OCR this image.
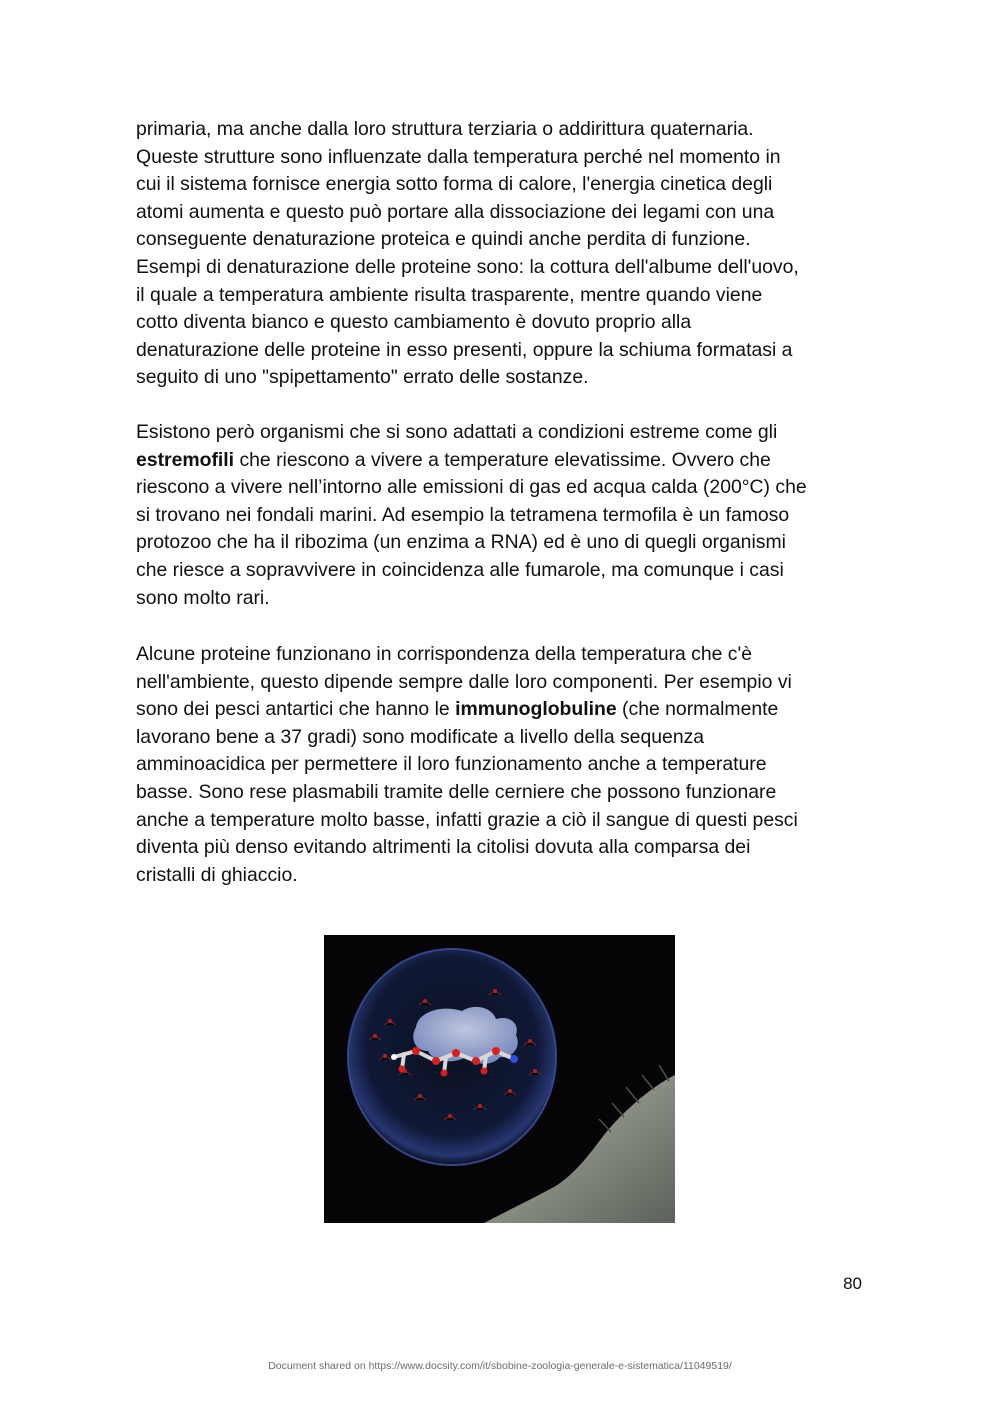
primaria, ma anche dalla loro struttura terziaria o addirittura quaternaria.
Queste strutture sono influenzate dalla temperatura perché nel momento in
cui il sistema fornisce energia sotto forma di calore, l'energia cinetica degli
atomi aumenta e questo può portare alla dissociazione dei legami con una
conseguente denaturazione proteica e quindi anche perdita di funzione.
Esempi di denaturazione delle proteine sono: la cottura dell'albume dell'uovo,
il quale a temperatura ambiente risulta trasparente, mentre quando viene
cotto diventa bianco e questo cambiamento è dovuto proprio alla
denaturazione delle proteine in esso presenti, oppure la schiuma formatasi a
seguito di uno "spipettamento" errato delle sostanze.
Esistono però organismi che si sono adattati a condizioni estreme come gli
estremofili che riescono a vivere a temperature elevatissime. Ovvero che
riescono a vivere nell’intorno alle emissioni di gas ed acqua calda (200°C) che
si trovano nei fondali marini. Ad esempio la tetramena termofila è un famoso
protozoo che ha il ribozima (un enzima a RNA) ed è uno di quegli organismi
che riesce a sopravvivere in coincidenza alle fumarole, ma comunque i casi
sono molto rari.
Alcune proteine funzionano in corrispondenza della temperatura che c'è
nell'ambiente, questo dipende sempre dalle loro componenti. Per esempio vi
sono dei pesci antartici che hanno le immunoglobuline (che normalmente
lavorano bene a 37 gradi) sono modificate a livello della sequenza
amminoacidica per permettere il loro funzionamento anche a temperature
basse. Sono rese plasmabili tramite delle cerniere che possono funzionare
anche a temperature molto basse, infatti grazie a ciò il sangue di questi pesci
diventa più denso evitando altrimenti la citolisi dovuta alla comparsa dei
cristalli di ghiaccio.
80
Document shared on https://www.docsity.com/it/sbobine-zoologia-generale-e-sistematica/11049519/
